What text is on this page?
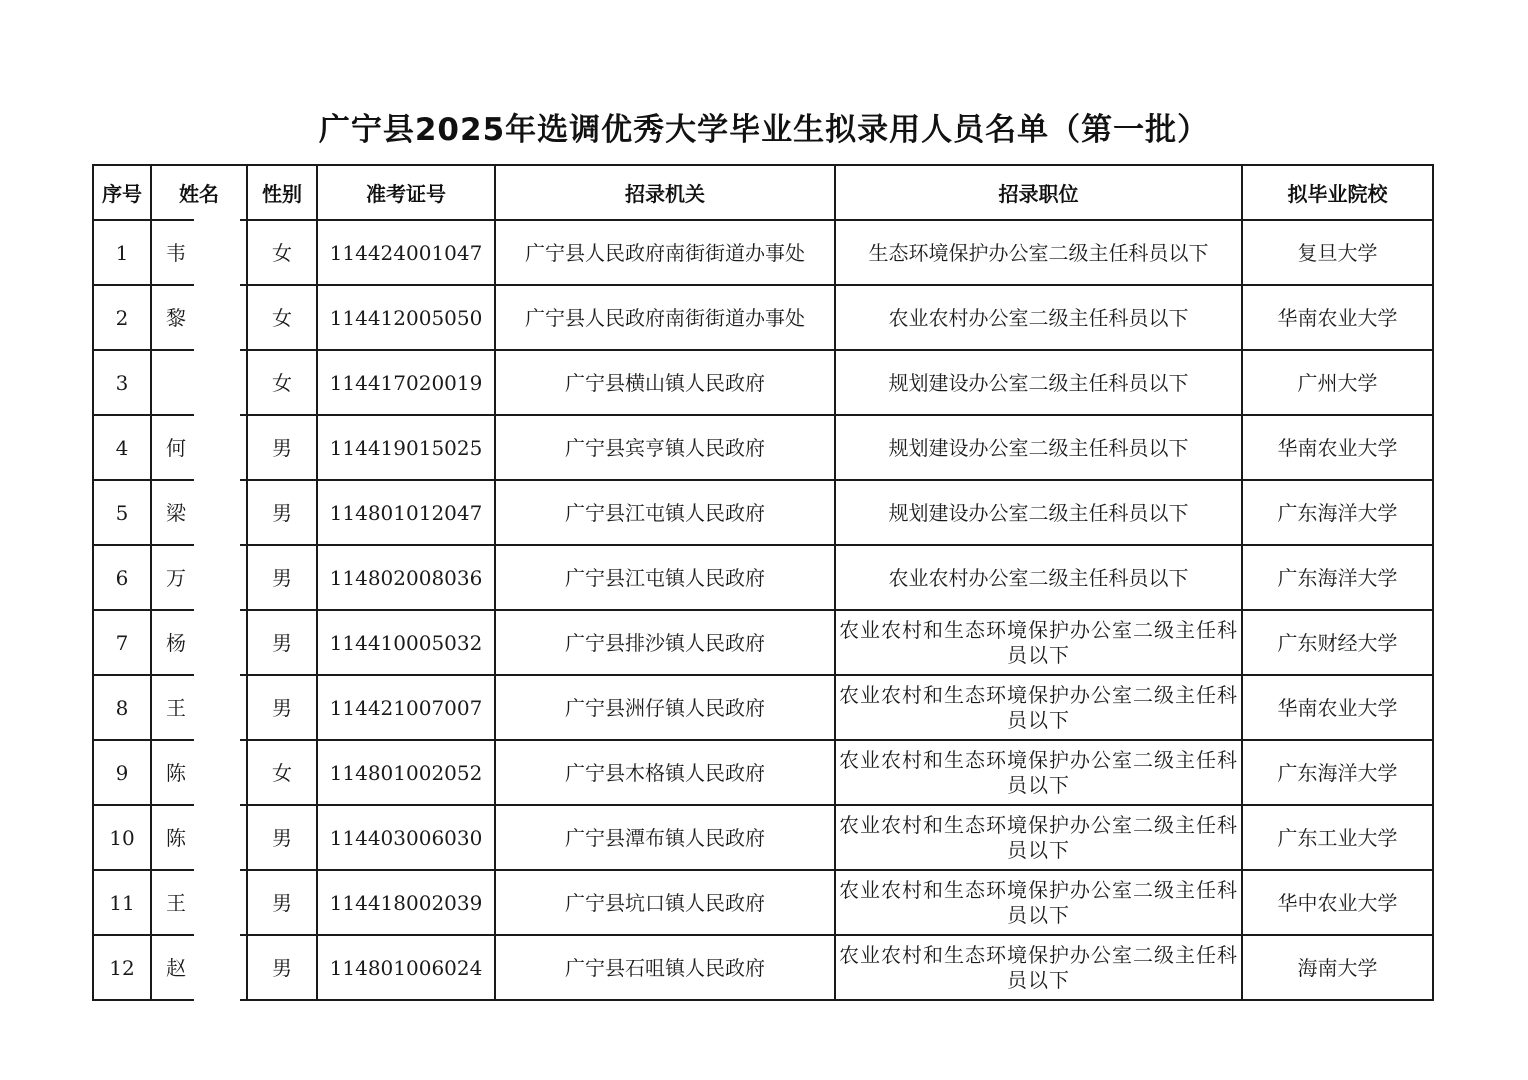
广宁县2025年选调优秀大学毕业生拟录用人员名单（第一批）
序号	姓名	性别	准考证号	招录机关	招录职位	拟毕业院校
1	韦	女	114424001047	广宁县人民政府南街街道办事处	生态环境保护办公室二级主任科员以下	复旦大学
2	黎	女	114412005050	广宁县人民政府南街街道办事处	农业农村办公室二级主任科员以下	华南农业大学
3		女	114417020019	广宁县横山镇人民政府	规划建设办公室二级主任科员以下	广州大学
4	何	男	114419015025	广宁县宾亨镇人民政府	规划建设办公室二级主任科员以下	华南农业大学
5	梁	男	114801012047	广宁县江屯镇人民政府	规划建设办公室二级主任科员以下	广东海洋大学
6	万	男	114802008036	广宁县江屯镇人民政府	农业农村办公室二级主任科员以下	广东海洋大学
7	杨	男	114410005032	广宁县排沙镇人民政府	农业农村和生态环境保护办公室二级主任科员以下	广东财经大学
8	王	男	114421007007	广宁县洲仔镇人民政府	农业农村和生态环境保护办公室二级主任科员以下	华南农业大学
9	陈	女	114801002052	广宁县木格镇人民政府	农业农村和生态环境保护办公室二级主任科员以下	广东海洋大学
10	陈	男	114403006030	广宁县潭布镇人民政府	农业农村和生态环境保护办公室二级主任科员以下	广东工业大学
11	王	男	114418002039	广宁县坑口镇人民政府	农业农村和生态环境保护办公室二级主任科员以下	华中农业大学
12	赵	男	114801006024	广宁县石咀镇人民政府	农业农村和生态环境保护办公室二级主任科员以下	海南大学
